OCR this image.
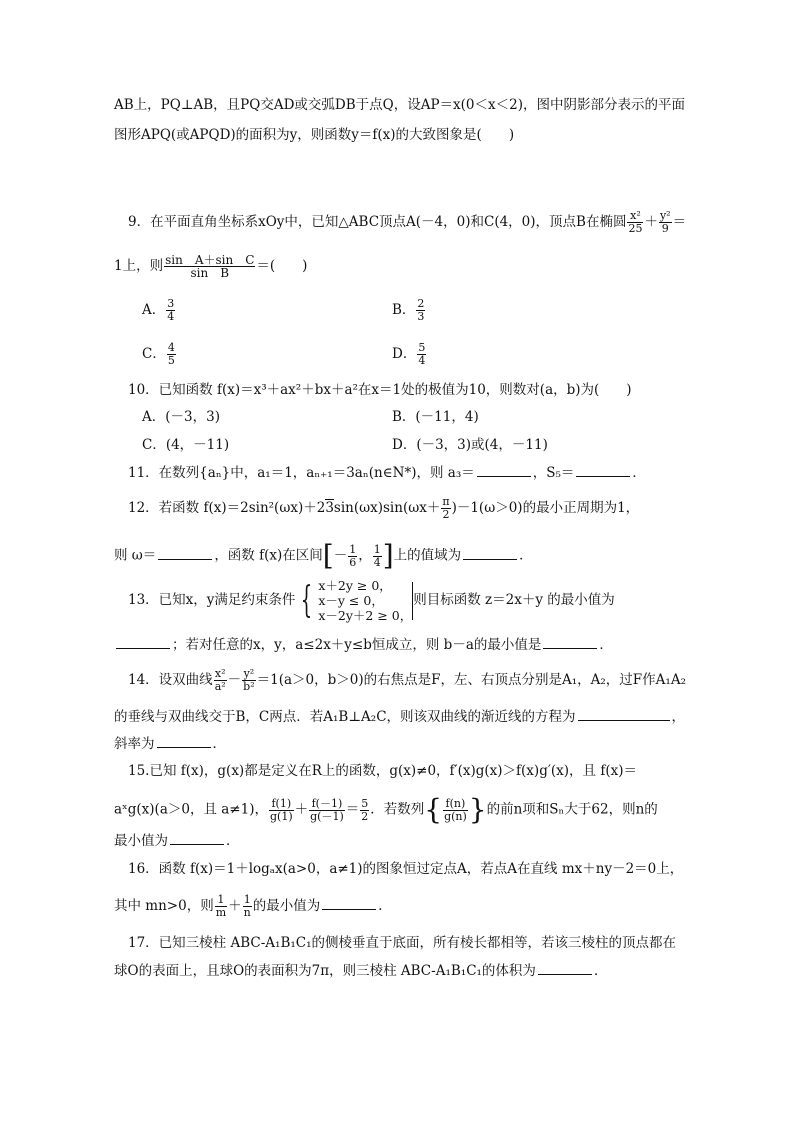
AB上，PQ⊥AB，且PQ交AD或交弧DB于点Q，设AP＝x(0＜x＜2)，图中阴影部分表示的平面
图形APQ(或APQD)的面积为y，则函数y＝f(x)的大致图象是(　　)
9．在平面直角坐标系xOy中，已知△ABC顶点A(－4，0)和C(4，0)，顶点B在椭圆 $\frac{\text{x²}}{25} + \frac{\text{y²}}{9}$ ＝
1上，则 $\frac{\text{sin　A＋sin　C}}{\text{sin　B}}$ ＝(　　)
A． $\frac{3}{4}$	B． $\frac{2}{3}$
C． $\frac{4}{5}$	D． $\frac{5}{4}$
10．已知函数 f(x)＝x³＋ax²＋bx＋a²在x＝1处的极值为10，则数对(a，b)为(　　)
A．(－3，3)	B．(－11，4)
C．(4，－11)	D．(－3，3)或(4，－11)
11．在数列{aₙ}中，a₁＝1，aₙ₊₁＝3aₙ(n∈N*)，则 a₃＝	，S₅＝	．
12．若函数 $f(x)=2\sin^2(\omega x)+23\sin(\omega x)\sin(\omega x+ \frac{\pi}{2} )-1(\omega>0)$的最小正周期为1，
则 ω＝	，函数 f(x)在区间[－ $\frac{1}{6}$ ， $\frac{1}{4}$ ]上的值域为	．
13．已知x，y满足约束条件 { x＋2y ≥ 0，
x－y ≤ 0，
x－2y＋2 ≥ 0，
则目标函数 z＝2x＋y 的最小值为
；若对任意的x，y，a≤2x＋y≤b恒成立，则 b－a的最小值是	．
14．设双曲线 $\frac{\text{x²}}{\text{a²}} - \frac{\text{y²}}{\text{b²}} =1(a>0$，b＞0)的右焦点是F，左、右顶点分别是A₁，A₂，过F作A₁A₂
的垂线与双曲线交于B，C两点．若A₁B⊥A₂C，则该双曲线的渐近线的方程为	，
斜率为	．
15.已知 f(x)，g(x)都是定义在R上的函数，g(x)≠0，f′(x)g(x)＞f(x)g′(x)，且 f(x)＝
aˣg(x)(a＞0，且 a≠1)， $\frac{f(1)}{g(1)} + \frac{f(-1)}{g(-1)} = \frac{5}{2}$ ．若数列{ $\frac{f(n)}{g(n)}$ }的前n项和Sₙ大于62，则n的
最小值为	．
16．函数 f(x)＝1＋logₐx(a>0，a≠1)的图象恒过定点A，若点A在直线 mx＋ny－2＝0上，
其中 mn>0，则 $\frac{1}{m} + \frac{1}{n}$ 的最小值为	．
17．已知三棱柱 ABC-A₁B₁C₁的侧棱垂直于底面，所有棱长都相等，若该三棱柱的顶点都在
球O的表面上，且球O的表面积为7π，则三棱柱 ABC-A₁B₁C₁的体积为	．
